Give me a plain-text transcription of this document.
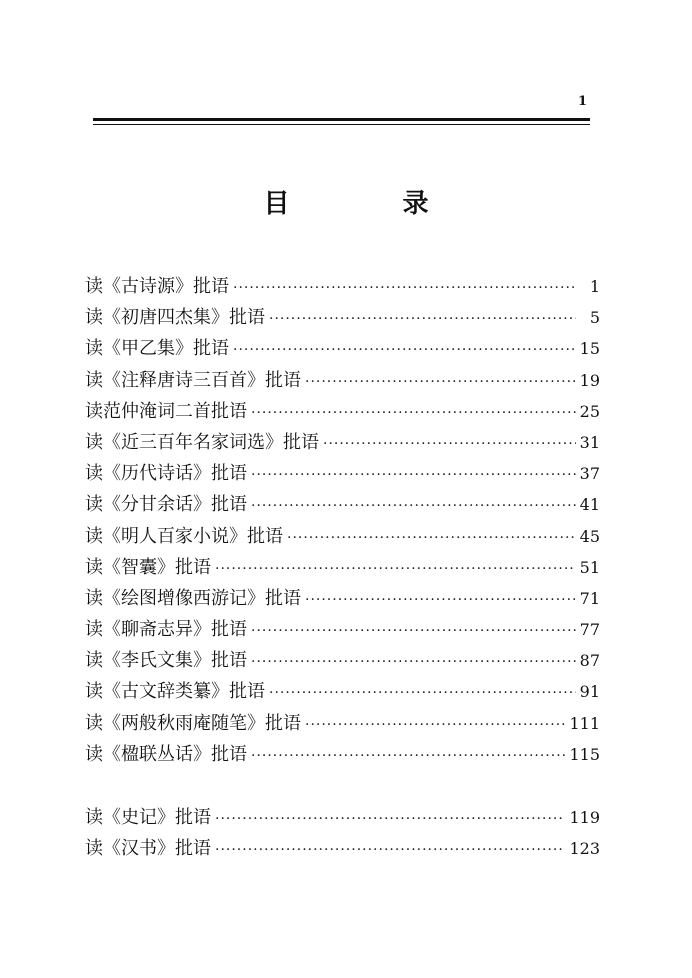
1
目 录
读《古诗源》批语 ·····	1
读《初唐四杰集》批语 ·····	5
读《甲乙集》批语 ·····	15
读《注释唐诗三百首》批语 ·····	19
读范仲淹词二首批语 ·····	25
读《近三百年名家词选》批语 ·····	31
读《历代诗话》批语 ·····	37
读《分甘余话》批语 ·····	41
读《明人百家小说》批语 ·····	45
读《智囊》批语 ·····	51
读《绘图增像西游记》批语 ·····	71
读《聊斋志异》批语 ·····	77
读《李氏文集》批语 ·····	87
读《古文辞类纂》批语 ·····	91
读《两般秋雨庵随笔》批语 ·····	111
读《楹联丛话》批语 ·····	115
读《史记》批语 ·····	119
读《汉书》批语 ·····	123
